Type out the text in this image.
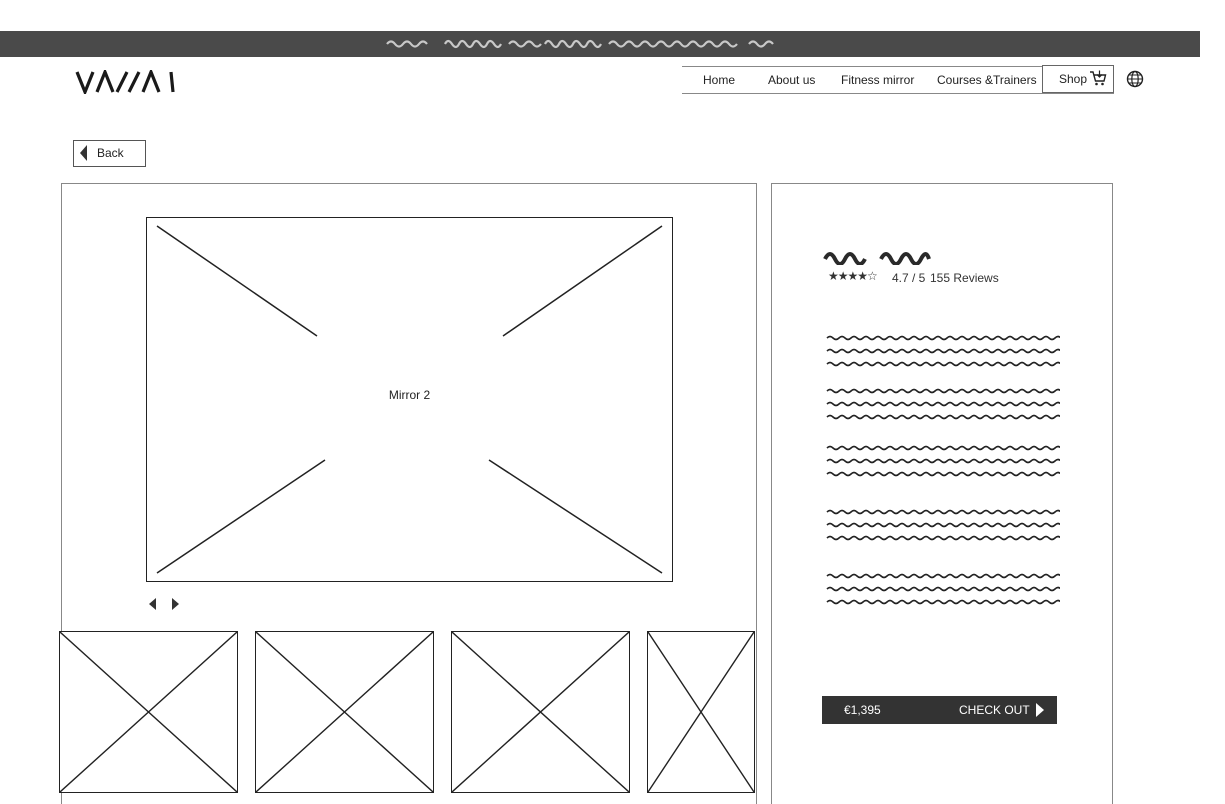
Home	About us Fitness mirror Courses &Trainers Shop
Back
Mirror 2
★★★★☆ 4.7 / 5 155 Reviews
€1,395	CHECK OUT
